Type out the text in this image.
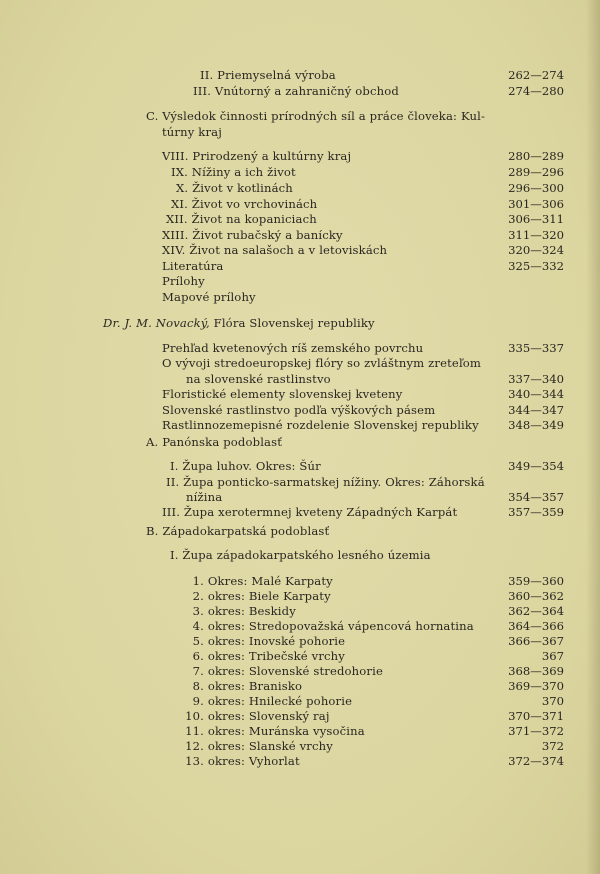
II. Priemyselná výroba	262—274
III. Vnútorný a zahraničný obchod	274—280
C. Výsledok činnosti prírodných síl a práce človeka: Kul-
túrny kraj
VIII. Prirodzený a kultúrny kraj	280—289
IX. Nížiny a ich život	289—296
X. Život v kotlinách	296—300
XI. Život vo vrchovinách	301—306
XII. Život na kopaniciach	306—311
XIII. Život rubačský a banícky	311—320
XIV. Život na salašoch a v letoviskách	320—324
Literatúra	325—332
Prílohy
Mapové prílohy
Dr. J. M. Novacký, Flóra Slovenskej republiky
Prehľad kvetenových ríš zemského povrchu	335—337
O vývoji stredoeuropskej flóry so zvláštnym zreteľom
na slovenské rastlinstvo	337—340
Floristické elementy slovenskej kveteny	340—344
Slovenské rastlinstvo podľa výškových pásem	344—347
Rastlinnozemepisné rozdelenie Slovenskej republiky	348—349
A. Panónska podoblasť
I. Župa luhov. Okres: Šúr	349—354
II. Župa ponticko-sarmatskej nížiny. Okres: Záhorská
nížina	354—357
III. Župa xerotermnej kveteny Západných Karpát	357—359
B. Západokarpatská podoblasť
I. Župa západokarpatského lesného územia
1. Okres: Malé Karpaty	359—360
2. okres: Biele Karpaty	360—362
3. okres: Beskidy	362—364
4. okres: Stredopovažská vápencová hornatina	364—366
5. okres: Inovské pohorie	366—367
6. okres: Tribečské vrchy	367
7. okres: Slovenské stredohorie	368—369
8. okres: Branisko	369—370
9. okres: Hnilecké pohorie	370
10. okres: Slovenský raj	370—371
11. okres: Muránska vysočina	371—372
12. okres: Slanské vrchy	372
13. okres: Vyhorlat	372—374
